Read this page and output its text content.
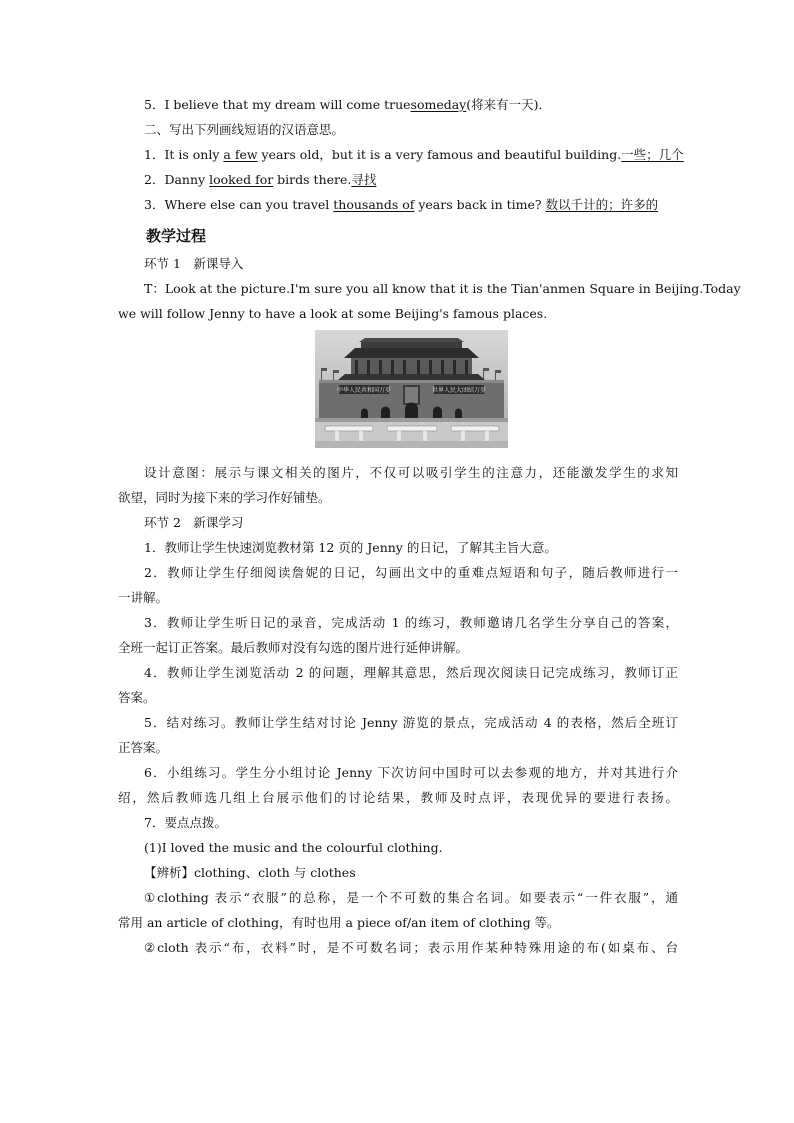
5．I believe that my dream will come truesomeday(将来有一天)．
二、写出下列画线短语的汉语意思。
1．It is only a few years old，but it is a very famous and beautiful building.一些；几个
2．Danny looked for birds there.寻找
3．Where else can you travel thousands of years back in time? 数以千计的；许多的
教学过程
环节 1　新课导入
T：Look at the picture.I'm sure you all know that it is the Tian'anmen Square in Beijing.Today
we will follow Jenny to have a look at some Beijing's famous places.
中华人民共和国万岁	世界人民大团结万岁
设计意图：展示与课文相关的图片，不仅可以吸引学生的注意力，还能激发学生的求知
欲望，同时为接下来的学习作好铺垫。
环节 2　新课学习
1．教师让学生快速浏览教材第 12 页的 Jenny 的日记，了解其主旨大意。
2．教师让学生仔细阅读詹妮的日记，勾画出文中的重难点短语和句子，随后教师进行一
一讲解。
3．教师让学生听日记的录音，完成活动 1 的练习，教师邀请几名学生分享自己的答案，
全班一起订正答案。最后教师对没有勾选的图片进行延伸讲解。
4．教师让学生浏览活动 2 的问题，理解其意思，然后现次阅读日记完成练习，教师订正
答案。
5．结对练习。教师让学生结对讨论 Jenny 游览的景点，完成活动 4 的表格，然后全班订
正答案。
6．小组练习。学生分小组讨论 Jenny 下次访问中国时可以去参观的地方，并对其进行介
绍，然后教师选几组上台展示他们的讨论结果，教师及时点评，表现优异的要进行表扬。
7．要点点拨。
(1)I loved the music and the colourful clothing.
【辨析】clothing、cloth 与 clothes
①clothing 表示“衣服”的总称，是一个不可数的集合名词。如要表示“一件衣服”，通
常用 an article of clothing，有时也用 a piece of/an item of clothing 等。
②cloth 表示“布，衣料”时，是不可数名词；表示用作某种特殊用途的布(如桌布、台
